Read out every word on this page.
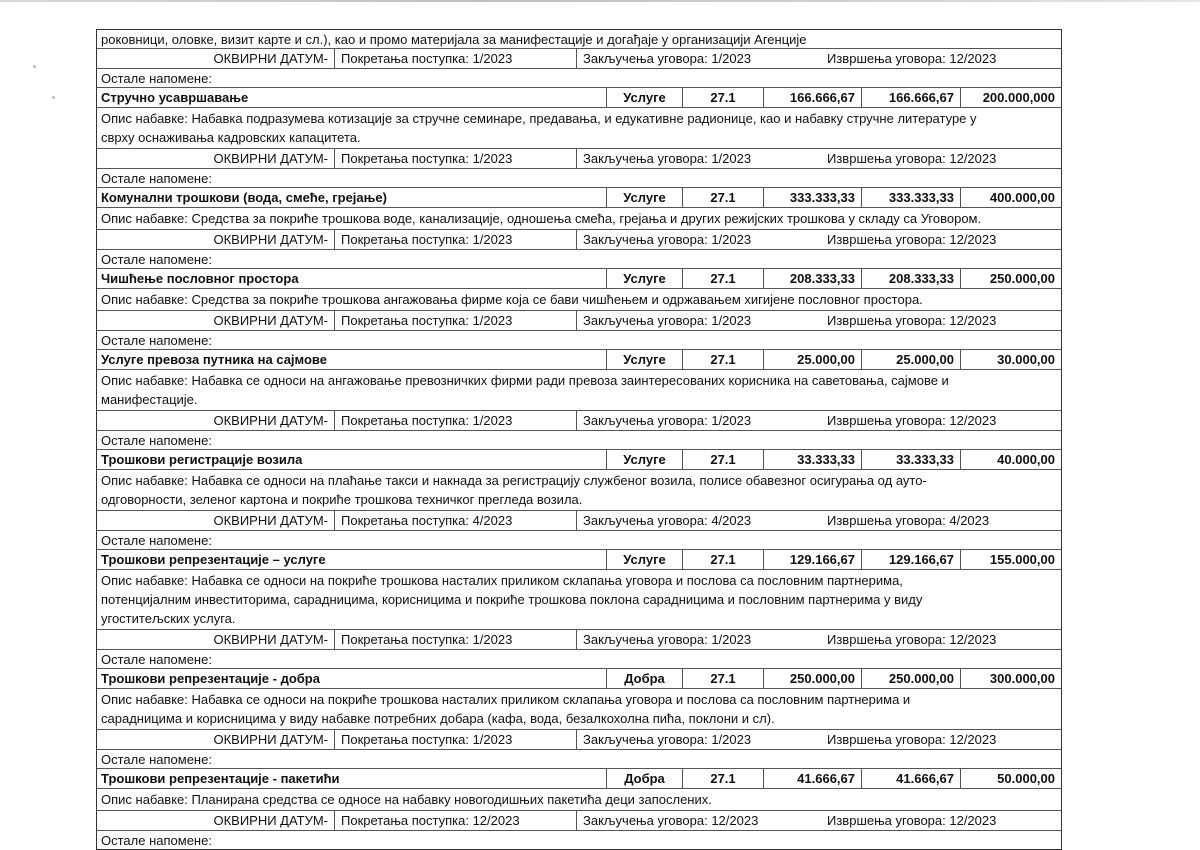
роковници, оловке, визит карте и сл.), као и промо материјала за манифестације и догађаје у организацији Агенције
ОКВИРНИ ДАТУМ-	Покретања поступка: 1/2023	Закључења уговора: 1/2023	Извршења уговора: 12/2023
Остале напомене:
Стручно усавршавање	Услуге	27.1	166.666,67	166.666,67	200.000,000
Опис набавке: Набавка подразумева котизације за стручне семинаре, предавања, и едукативне радионице, као и набавку стручне литературе у
сврху оснаживања кадровских капацитета.
ОКВИРНИ ДАТУМ-	Покретања поступка: 1/2023	Закључења уговора: 1/2023	Извршења уговора: 12/2023
Остале напомене:
Комунални трошкови (вода, смеће, грејање)	Услуге	27.1	333.333,33	333.333,33	400.000,00
Опис набавке: Средства за покриће трошкова воде, канализације, одношења смећа, грејања и других режијских трошкова у складу са Уговором.
ОКВИРНИ ДАТУМ-	Покретања поступка: 1/2023	Закључења уговора: 1/2023	Извршења уговора: 12/2023
Остале напомене:
Чишћење пословног простора	Услуге	27.1	208.333,33	208.333,33	250.000,00
Опис набавке: Средства за покриће трошкова ангажовања фирме која се бави чишћењем и одржавањем хигијене пословног простора.
ОКВИРНИ ДАТУМ-	Покретања поступка: 1/2023	Закључења уговора: 1/2023	Извршења уговора: 12/2023
Остале напомене:
Услуге превоза путника на сајмове	Услуге	27.1	25.000,00	25.000,00	30.000,00
Опис набавке: Набавка се односи на ангажовање превозничких фирми ради превоза заинтересованих корисника на саветовања, сајмове и
манифестације.
ОКВИРНИ ДАТУМ-	Покретања поступка: 1/2023	Закључења уговора: 1/2023	Извршења уговора: 12/2023
Остале напомене:
Трошкови регистрације возила	Услуге	27.1	33.333,33	33.333,33	40.000,00
Опис набавке: Набавка се односи на плаћање такси и накнада за регистрацију службеног возила, полисе обавезног осигурања од ауто-
одговорности, зеленог картона и покриће трошкова техничког прегледа возила.
ОКВИРНИ ДАТУМ-	Покретања поступка: 4/2023	Закључења уговора: 4/2023	Извршења уговора: 4/2023
Остале напомене:
Трошкови репрезентације – услуге	Услуге	27.1	129.166,67	129.166,67	155.000,00
Опис набавке: Набавка се односи на покриће трошкова насталих приликом склапања уговора и послова са пословним партнерима,
потенцијалним инвеститорима, сарадницима, корисницима и покриће трошкова поклона сарадницима и пословним партнерима у виду
угоститељских услуга.
ОКВИРНИ ДАТУМ-	Покретања поступка: 1/2023	Закључења уговора: 1/2023	Извршења уговора: 12/2023
Остале напомене:
Трошкови репрезентације - добра	Добра	27.1	250.000,00	250.000,00	300.000,00
Опис набавке: Набавка се односи на покриће трошкова насталих приликом склапања уговора и послова са пословним партнерима и
сарадницима и корисницима у виду набавке потребних добара (кафа, вода, безалкохолна пића, поклони и сл).
ОКВИРНИ ДАТУМ-	Покретања поступка: 1/2023	Закључења уговора: 1/2023	Извршења уговора: 12/2023
Остале напомене:
Трошкови репрезентације - пакетићи	Добра	27.1	41.666,67	41.666,67	50.000,00
Опис набавке: Планирана средства се односе на набавку новогодишњих пакетића деци запослених.
ОКВИРНИ ДАТУМ-	Покретања поступка: 12/2023	Закључења уговора: 12/2023	Извршења уговора: 12/2023
Остале напомене:
